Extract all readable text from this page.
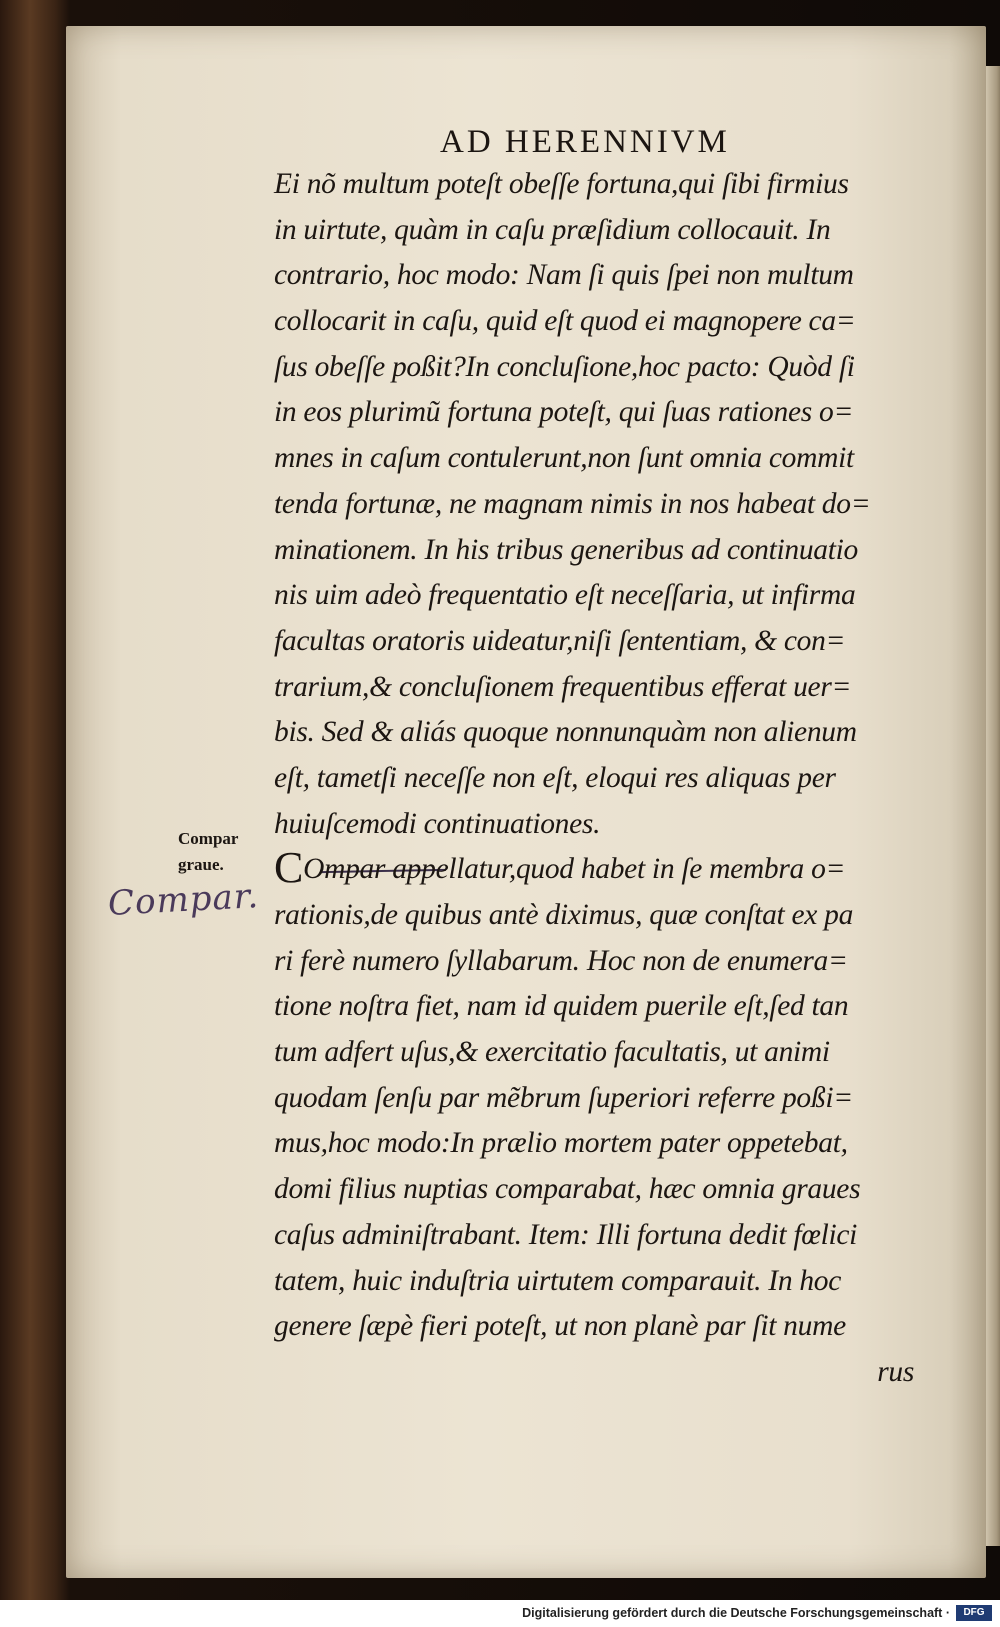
AD HERENNIVM
Compar
graue.
Compar.
Ei nõ multum poteſt obeſſe fortuna,qui ſibi firmius
in uirtute, quàm in caſu præſidium collocauit. In
contrario, hoc modo: Nam ſi quis ſpei non multum
collocarit in caſu, quid eſt quod ei magnopere ca=
ſus obeſſe poßit?In concluſione,hoc pacto: Quòd ſi
in eos plurimũ fortuna poteſt, qui ſuas rationes o=
mnes in caſum contulerunt,non ſunt omnia commit
tenda fortunæ, ne magnam nimis in nos habeat do=
minationem. In his tribus generibus ad continuatio
nis uim adeò frequentatio eſt neceſſaria, ut infirma
facultas oratoris uideatur,niſi ſententiam, & con=
trarium,& concluſionem frequentibus efferat uer=
bis. Sed & aliás quoque nonnunquàm non alienum
eſt, tametſi neceſſe non eſt, eloqui res aliquas per
huiuſcemodi continuationes.
COmpar appellatur,quod habet in ſe membra o=
rationis,de quibus antè diximus, quæ conſtat ex pa
ri ferè numero ſyllabarum. Hoc non de enumera=
tione noſtra fiet, nam id quidem puerile eſt,ſed tan
tum adfert uſus,& exercitatio facultatis, ut animi
quodam ſenſu par mẽbrum ſuperiori referre poßi=
mus,hoc modo:In prælio mortem pater oppetebat,
domi filius nuptias comparabat, hæc omnia graues
caſus adminiſtrabant. Item: Illi fortuna dedit fœlici
tatem, huic induſtria uirtutem comparauit. In hoc
genere ſæpè fieri poteſt, ut non planè par ſit nume
rus
Digitalisierung gefördert durch die Deutsche Forschungsgemeinschaft ·	DFG
